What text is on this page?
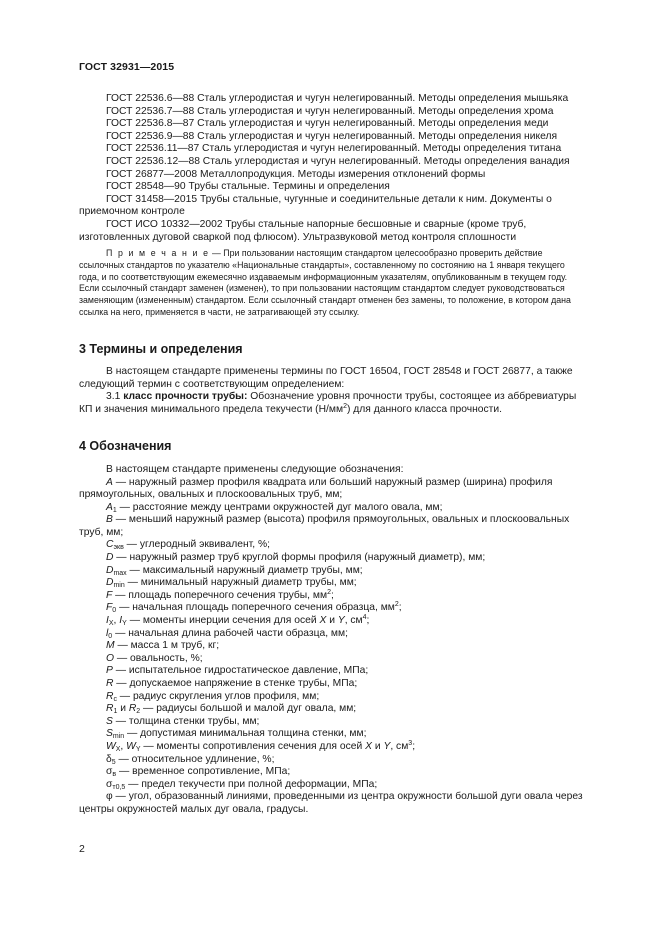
ГОСТ 32931—2015

ГОСТ 22536.6—88 Сталь углеродистая и чугун нелегированный. Методы определения мышьяка

ГОСТ 22536.7—88 Сталь углеродистая и чугун нелегированный. Методы определения хрома

ГОСТ 22536.8—87 Сталь углеродистая и чугун нелегированный. Методы определения меди

ГОСТ 22536.9—88 Сталь углеродистая и чугун нелегированный. Методы определения никеля

ГОСТ 22536.11—87 Сталь углеродистая и чугун нелегированный. Методы определения титана

ГОСТ 22536.12—88 Сталь углеродистая и чугун нелегированный. Методы определения ванадия

ГОСТ 26877—2008 Металлопродукция. Методы измерения отклонений формы

ГОСТ 28548—90 Трубы стальные. Термины и определения

ГОСТ 31458—2015 Трубы стальные, чугунные и соединительные детали к ним. Документы о приемочном контроле

ГОСТ ИСО 10332—2002 Трубы стальные напорные бесшовные и сварные (кроме труб, изготовленных дуговой сваркой под флюсом). Ультразвуковой метод контроля сплошности

П р и м е ч а н и е — При пользовании настоящим стандартом целесообразно проверить действие ссылочных стандартов по указателю «Национальные стандарты», составленному по состоянию на 1 января текущего года, и по соответствующим ежемесячно издаваемым информационным указателям, опубликованным в текущем году. Если ссылочный стандарт заменен (изменен), то при пользовании настоящим стандартом следует руководствоваться заменяющим (измененным) стандартом. Если ссылочный стандарт отменен без замены, то положение, в котором дана ссылка на него, применяется в части, не затрагивающей эту ссылку.

3 Термины и определения

В настоящем стандарте применены термины по ГОСТ 16504, ГОСТ 28548 и ГОСТ 26877, а также следующий термин с соответствующим определением:

3.1 класс прочности трубы: Обозначение уровня прочности трубы, состоящее из аббревиатуры КП и значения минимального предела текучести $(Н/мм^2)$ для данного класса прочности.

4 Обозначения

В настоящем стандарте применены следующие обозначения:

A — наружный размер профиля квадрата или больший наружный размер (ширина) профиля прямоугольных, овальных и плоскоовальных труб, мм;

$A_1$ — расстояние между центрами окружностей дуг малого овала, мм;

B — меньший наружный размер (высота) профиля прямоугольных, овальных и плоскоовальных труб, мм;

$C_{экв}$ — углеродный эквивалент, %;

D — наружный размер труб круглой формы профиля (наружный диаметр), мм;

$D_{max}$ — максимальный наружный диаметр трубы, мм;

$D_{min}$ — минимальный наружный диаметр трубы, мм;

F — площадь поперечного сечения трубы, $мм^2$;

$F_0$ — начальная площадь поперечного сечения образца, $мм^2$;

$I_X$, $I_Y$ — моменты инерции сечения для осей X и Y, $см^4$;

$l_0$ — начальная длина рабочей части образца, мм;

M — масса 1 м труб, кг;

O — овальность, %;

P — испытательное гидростатическое давление, МПа;

R — допускаемое напряжение в стенке трубы, МПа;

$R_c$ — радиус скругления углов профиля, мм;

$R_1$ и $R_2$ — радиусы большой и малой дуг овала, мм;

S — толщина стенки трубы, мм;

$S_{min}$ — допустимая минимальная толщина стенки, мм;

$W_X$, $W_Y$ — моменты сопротивления сечения для осей X и Y, $см^3$;

$\delta_5$ — относительное удлинение, %;

$\sigma_в$ — временное сопротивление, МПа;

$\sigma_{т0,5}$ — предел текучести при полной деформации, МПа;

φ — угол, образованный линиями, проведенными из центра окружности большой дуги овала через центры окружностей малых дуг овала, градусы.

2
